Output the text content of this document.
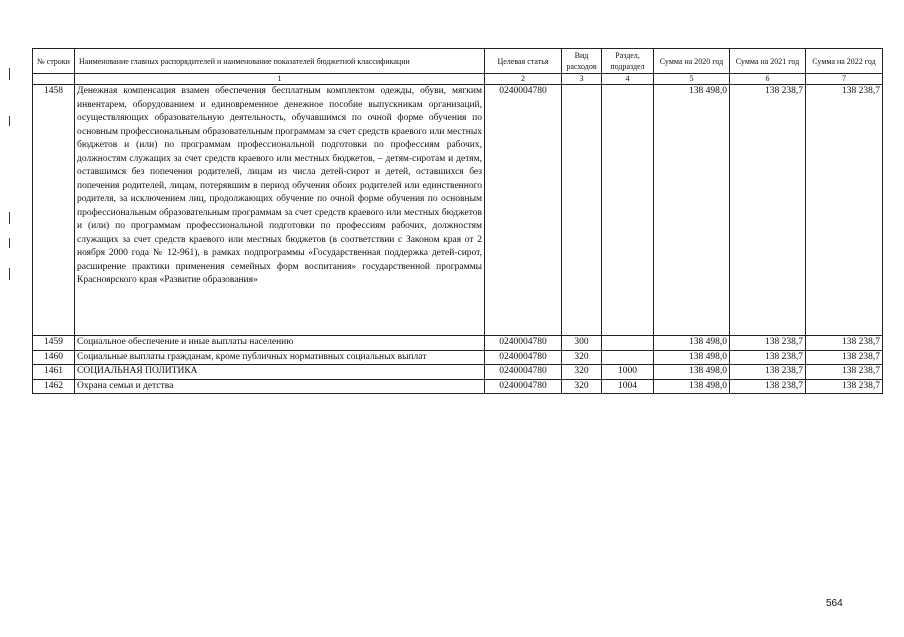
№ строки	Наименование главных распорядителей и наименование показателей бюджетной классификации	Целевая статья	Вид расходов	Раздел, подраздел	Сумма на 2020 год	Сумма на 2021 год	Сумма на 2022 год
	1	2	3	4	5	6	7
1458	Денежная компенсация взамен обеспечения бесплатным комплектом одежды, обуви, мягким инвентарем, оборудованием и единовременное денежное пособие выпускникам организаций, осуществляющих образовательную деятельность, обучавшимся по очной форме обучения по основным профессиональным образовательным программам за счет средств краевого или местных бюджетов и (или) по программам профессиональной подготовки по профессиям рабочих, должностям служащих за счет средств краевого или местных бюджетов, – детям-сиротам и детям, оставшимся без попечения родителей, лицам из числа детей-сирот и детей, оставшихся без попечения родителей, лицам, потерявшим в период обучения обоих родителей или единственного родителя, за исключением лиц, продолжающих обучение по очной форме обучения по основным профессиональным образовательным программам за счет средств краевого или местных бюджетов и (или) по программам профессиональной подготовки по профессиям рабочих, должностям служащих за счет средств краевого или местных бюджетов (в соответствии с Законом края от 2 ноября 2000 года № 12-961), в рамках подпрограммы «Государственная поддержка детей-сирот, расширение практики применения семейных форм воспитания» государственной программы Красноярского края «Развитие образования»	0240004780			138 498,0	138 238,7	138 238,7
1459	Социальное обеспечение и иные выплаты населению	0240004780	300		138 498,0	138 238,7	138 238,7
1460	Социальные выплаты гражданам, кроме публичных нормативных социальных выплат	0240004780	320		138 498,0	138 238,7	138 238,7
1461	СОЦИАЛЬНАЯ ПОЛИТИКА	0240004780	320	1000	138 498,0	138 238,7	138 238,7
1462	Охрана семьи и детства	0240004780	320	1004	138 498,0	138 238,7	138 238,7
564
